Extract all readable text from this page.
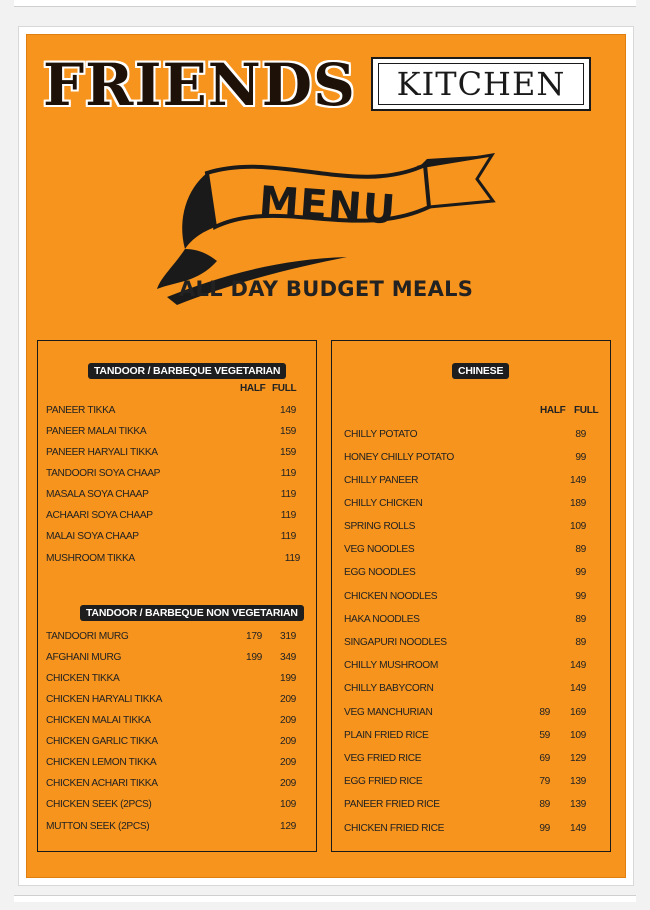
FRIENDS	KITCHEN
MENU
ALL DAY BUDGET MEALS
TANDOOR / BARBEQUE VEGETARIAN
HALF FULL
PANEER TIKKA	149
PANEER MALAI TIKKA	159
PANEER HARYALI TIKKA	159
TANDOORI SOYA CHAAP	119
MASALA SOYA CHAAP	119
ACHAARI SOYA CHAAP	119
MALAI SOYA CHAAP	119
MUSHROOM TIKKA	119
TANDOOR / BARBEQUE NON VEGETARIAN
TANDOORI MURG	179	319
AFGHANI MURG	199	349
CHICKEN TIKKA	199
CHICKEN HARYALI TIKKA	209
CHICKEN MALAI TIKKA	209
CHICKEN GARLIC TIKKA	209
CHICKEN LEMON TIKKA	209
CHICKEN ACHARI TIKKA	209
CHICKEN SEEK (2PCS)	109
MUTTON SEEK (2PCS)	129
CHINESE
HALF FULL
CHILLY POTATO	89
HONEY CHILLY POTATO	99
CHILLY PANEER	149
CHILLY CHICKEN	189
SPRING ROLLS	109
VEG NOODLES	89
EGG NOODLES	99
CHICKEN NOODLES	99
HAKA NOODLES	89
SINGAPURI NOODLES	89
CHILLY MUSHROOM	149
CHILLY BABYCORN	149
VEG MANCHURIAN	89	169
PLAIN FRIED RICE	59	109
VEG FRIED RICE	69	129
EGG FRIED RICE	79	139
PANEER FRIED RICE	89	139
CHICKEN FRIED RICE	99	149
